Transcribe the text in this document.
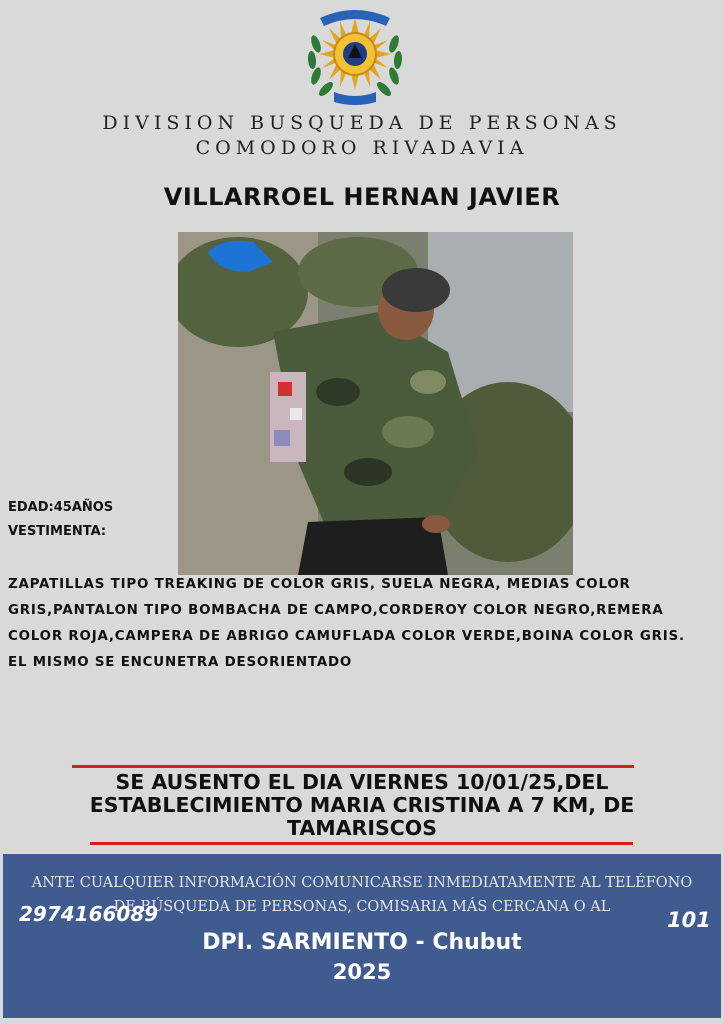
DIVISION BUSQUEDA DE PERSONAS
COMODORO RIVADAVIA
VILLARROEL HERNAN JAVIER
EDAD:45AÑOS
VESTIMENTA:
ZAPATILLAS TIPO TREAKING DE COLOR GRIS, SUELA NEGRA, MEDIAS COLOR
GRIS,PANTALON TIPO BOMBACHA DE CAMPO,CORDEROY COLOR NEGRO,REMERA
COLOR ROJA,CAMPERA DE ABRIGO CAMUFLADA COLOR VERDE,BOINA COLOR GRIS.
EL MISMO SE ENCUNETRA DESORIENTADO
SE AUSENTO EL DIA VIERNES 10/01/25,DEL
ESTABLECIMIENTO MARIA CRISTINA A 7 KM, DE
TAMARISCOS
ANTE CUALQUIER INFORMACIÓN COMUNICARSE INMEDIATAMENTE AL TELÉFONO
DE BÚSQUEDA DE PERSONAS, COMISARIA MÁS CERCANA O AL
2974166089	101
DPI. SARMIENTO - Chubut
2025
